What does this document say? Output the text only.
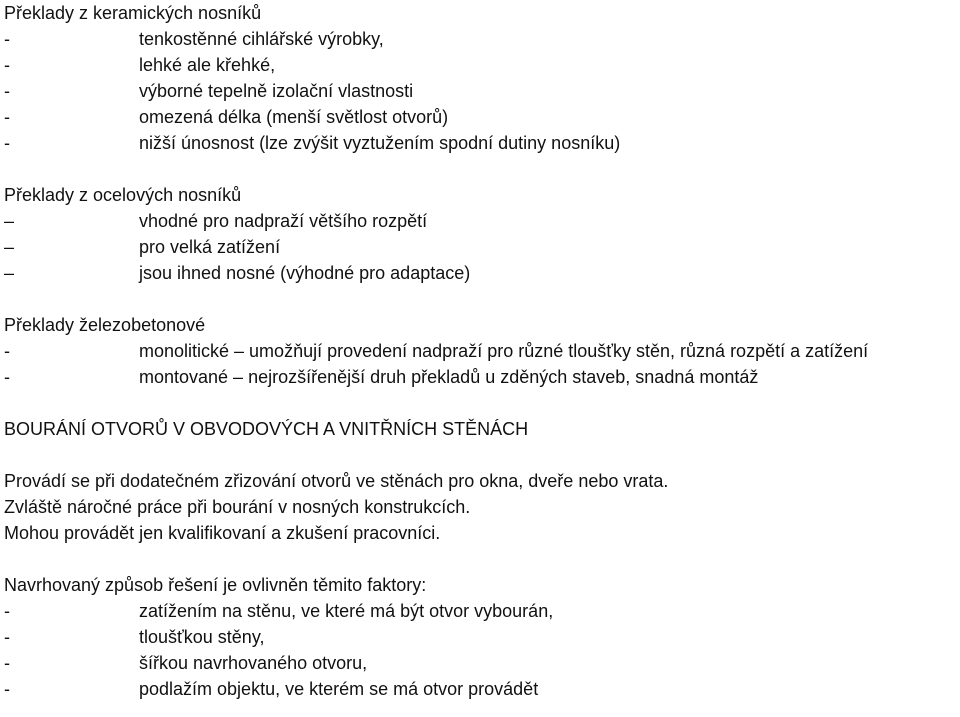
Překlady z keramických nosníků
-	tenkostěnné cihlářské výrobky,
-	lehké ale křehké,
-	výborné tepelně izolační vlastnosti
-	omezená délka (menší světlost otvorů)
-	nižší únosnost (lze zvýšit vyztužením spodní dutiny nosníku)
Překlady z ocelových nosníků
–	vhodné pro nadpraží většího rozpětí
–	pro velká zatížení
–	jsou ihned nosné (výhodné pro adaptace)
Překlady železobetonové
-	monolitické – umožňují provedení nadpraží pro různé tloušťky stěn, různá rozpětí a zatížení
-	montované – nejrozšířenější druh překladů u zděných staveb, snadná montáž
BOURÁNÍ OTVORŮ V OBVODOVÝCH A VNITŘNÍCH STĚNÁCH
Provádí se při dodatečném zřizování otvorů ve stěnách pro okna, dveře nebo vrata.
Zvláště náročné práce při bourání v nosných konstrukcích.
Mohou provádět jen kvalifikovaní a zkušení pracovníci.
Navrhovaný způsob řešení je ovlivněn těmito faktory:
-	zatížením na stěnu, ve které má být otvor vybourán,
-	tloušťkou stěny,
-	šířkou navrhovaného otvoru,
-	podlažím objektu, ve kterém se má otvor provádět
